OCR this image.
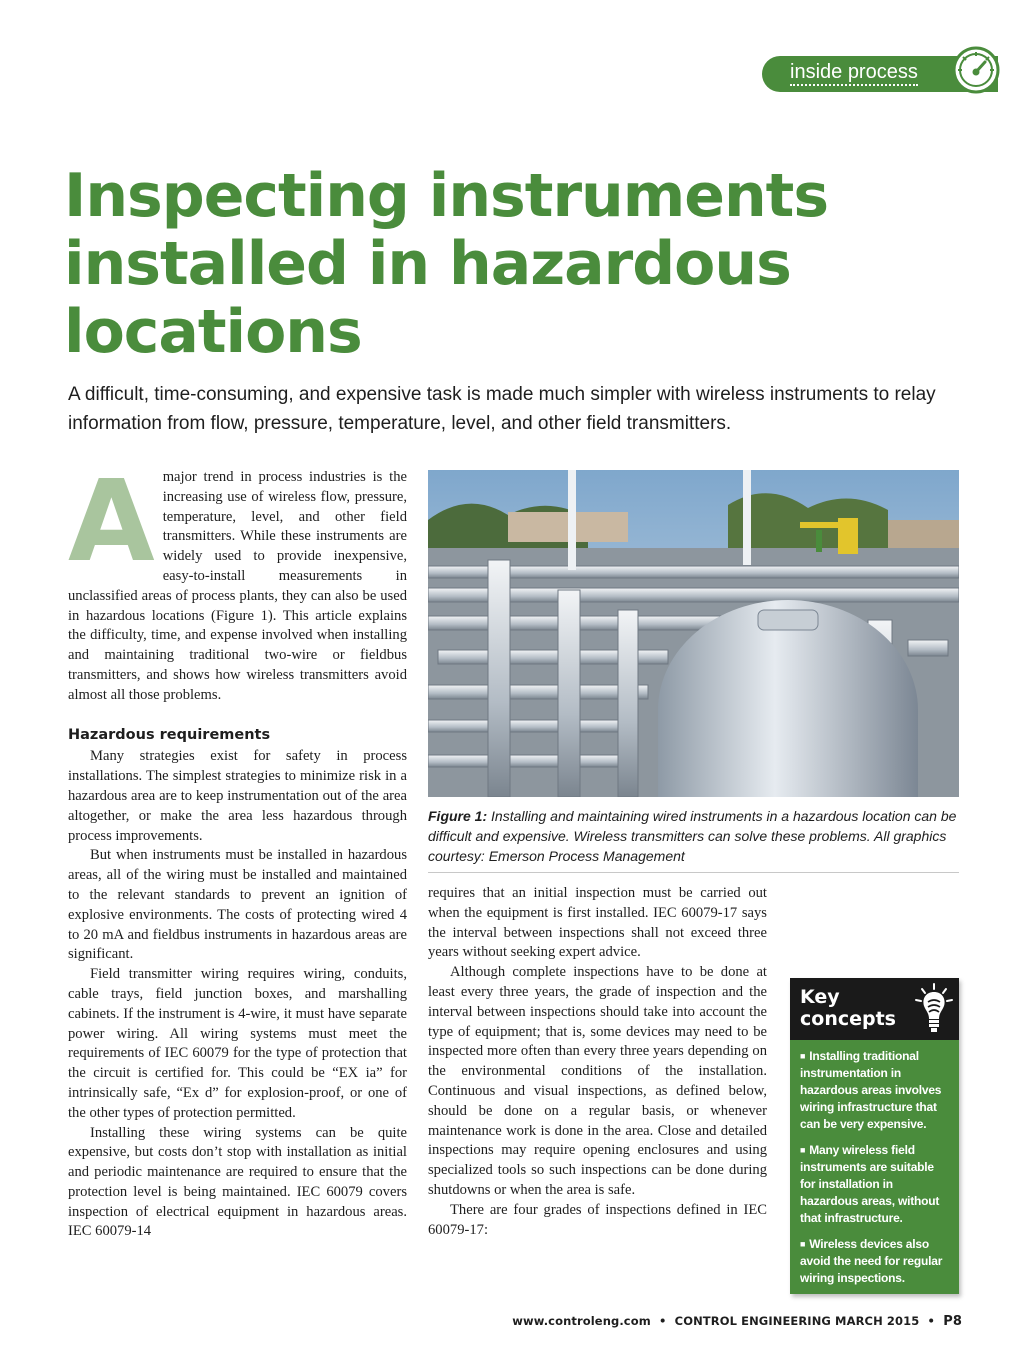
inside process
Inspecting instruments installed in hazardous locations

A difficult, time-consuming, and expensive task is made much simpler with wireless instruments to relay information from flow, pressure, temperature, level, and other field transmitters.

Amajor trend in process industries is the increasing use of wireless flow, pressure, temperature, level, and other field transmitters. While these instruments are widely used to provide inexpensive, easy-to-install measurements in unclassified areas of process plants, they can also be used in hazardous locations (Figure 1). This article explains the difficulty, time, and expense involved when installing and maintaining traditional two-wire or fieldbus transmitters, and shows how wireless transmitters avoid almost all those problems.

Hazardous requirements

Many strategies exist for safety in process installations. The simplest strategies to minimize risk in a hazardous area are to keep instrumentation out of the area altogether, or make the area less hazardous through process improvements.

But when instruments must be installed in hazardous areas, all of the wiring must be installed and maintained to the relevant standards to prevent an ignition of explosive environments. The costs of protecting wired 4 to 20 mA and fieldbus instruments in hazardous areas are significant.

Field transmitter wiring requires wiring, conduits, cable trays, field junction boxes, and marshalling cabinets. If the instrument is 4-wire, it must have separate power wiring. All wiring systems must meet the requirements of IEC 60079 for the type of protection that the circuit is certified for. This could be “EX ia” for intrinsically safe, “Ex d” for explosion-proof, or one of the other types of protection permitted.

Installing these wiring systems can be quite expensive, but costs don’t stop with installation as initial and periodic maintenance are required to ensure that the protection level is being maintained. IEC 60079 covers inspection of electrical equipment in hazardous areas. IEC 60079-14

Figure 1: Installing and maintaining wired instruments in a hazardous location can be difficult and expensive. Wireless transmitters can solve these problems. All graphics courtesy: Emerson Process Management

requires that an initial inspection must be carried out when the equipment is first installed. IEC 60079-17 says the interval between inspections shall not exceed three years without seeking expert advice.

Although complete inspections have to be done at least every three years, the grade of inspection and the interval between inspections should take into account the type of equipment; that is, some devices may need to be inspected more often than every three years depending on the environmental conditions of the installation. Continuous and visual inspections, as defined below, should be done on a regular basis, or whenever maintenance work is done in the area. Close and detailed inspections may require opening enclosures and using specialized tools so such inspections can be done during shutdowns or when the area is safe.

There are four grades of inspections defined in IEC 60079-17:

Key
concepts

■ Installing traditional instrumentation in hazardous areas involves wiring infrastructure that can be very expensive.

■ Many wireless field instruments are suitable for installation in hazardous areas, without that infrastructure.

■ Wireless devices also avoid the need for regular wiring inspections.

www.controleng.com  •  CONTROL ENGINEERING MARCH 2015  •  P8
